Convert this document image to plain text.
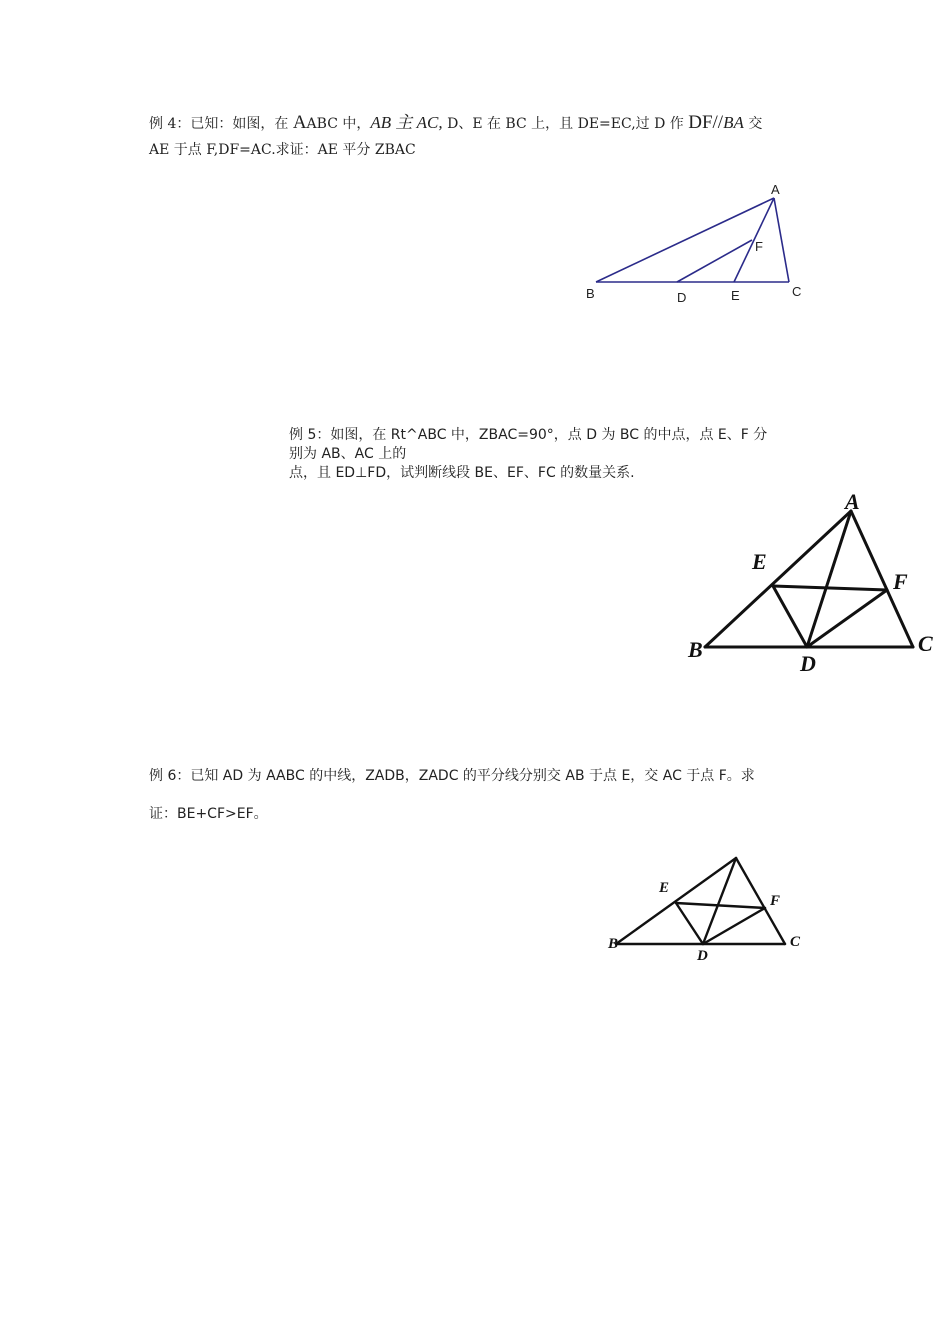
例 4：已知：如图，在 AABC 中，AB 主 AC, D、E 在 BC 上，且 DE=EC,过 D 作 DF//BA 交
AE 于点 F,DF=AC.求证：AE 平分 ZBAC
A
B	C
D	E
F
例 5：如图，在 Rt^ABC 中，ZBAC=90°，点 D 为 BC 的中点，点 E、F 分
别为 AB、AC 上的
点，且 ED⊥FD，试判断线段 BE、EF、FC 的数量关系.
A
B	C
D
E
F
例 6：已知 AD 为 AABC 的中线，ZADB，ZADC 的平分线分别交 AB 于点 E，交 AC 于点 F。求
证：BE+CF>EF。
B	C
D
E
F
